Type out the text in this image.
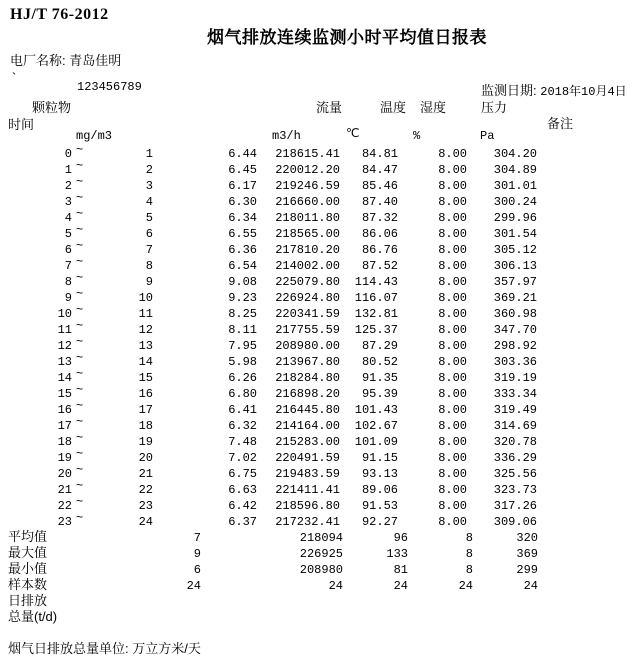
HJ/T 76-2012
烟气排放连续监测小时平均值日报表
电厂名称: 青岛佳明
`
123456789	监测日期: 2018年10月4日
颗粒物
时间
流量	温度 湿度	压力
备注
mg/m3	m3/h	℃	%	Pa
0 ~	1	6.44 218615.41 84.81	8.00 304.20
1 ~	2	6.45 220012.20 84.47	8.00 304.89
2 ~	3	6.17 219246.59 85.46	8.00 301.01
3 ~	4	6.30 216660.00 87.40	8.00 300.24
4 ~	5	6.34 218011.80 87.32	8.00 299.96
5 ~	6	6.55 218565.00 86.06	8.00 301.54
6 ~	7	6.36 217810.20 86.76	8.00 305.12
7 ~	8	6.54 214002.00 87.52	8.00 306.13
8 ~	9	9.08 225079.80 114.43	8.00 357.97
9 ~	10	9.23 226924.80 116.07	8.00 369.21
10 ~	11	8.25 220341.59 132.81	8.00 360.98
11 ~	12	8.11 217755.59 125.37	8.00 347.70
12 ~	13	7.95 208980.00 87.29	8.00 298.92
13 ~	14	5.98 213967.80 80.52	8.00 303.36
14 ~	15	6.26 218284.80 91.35	8.00 319.19
15 ~	16	6.80 216898.20 95.39	8.00 333.34
16 ~	17	6.41 216445.80 101.43	8.00 319.49
17 ~	18	6.32 214164.00 102.67	8.00 314.69
18 ~	19	7.48 215283.00 101.09	8.00 320.78
19 ~	20	7.02 220491.59 91.15	8.00 336.29
20 ~	21	6.75 219483.59 93.13	8.00 325.56
21 ~	22	6.63 221411.41 89.06	8.00 323.73
22 ~	23	6.42 218596.80 91.53	8.00 317.26
23 ~	24	6.37 217232.41 92.27	8.00 309.06
平均值	7	218094	96	8	320
最大值	9	226925	133	8	369
最小值	6	208980	81	8	299
样本数	24	24	24	24	24
日排放
总量(t/d)
烟气日排放总量单位: 万立方米/天
